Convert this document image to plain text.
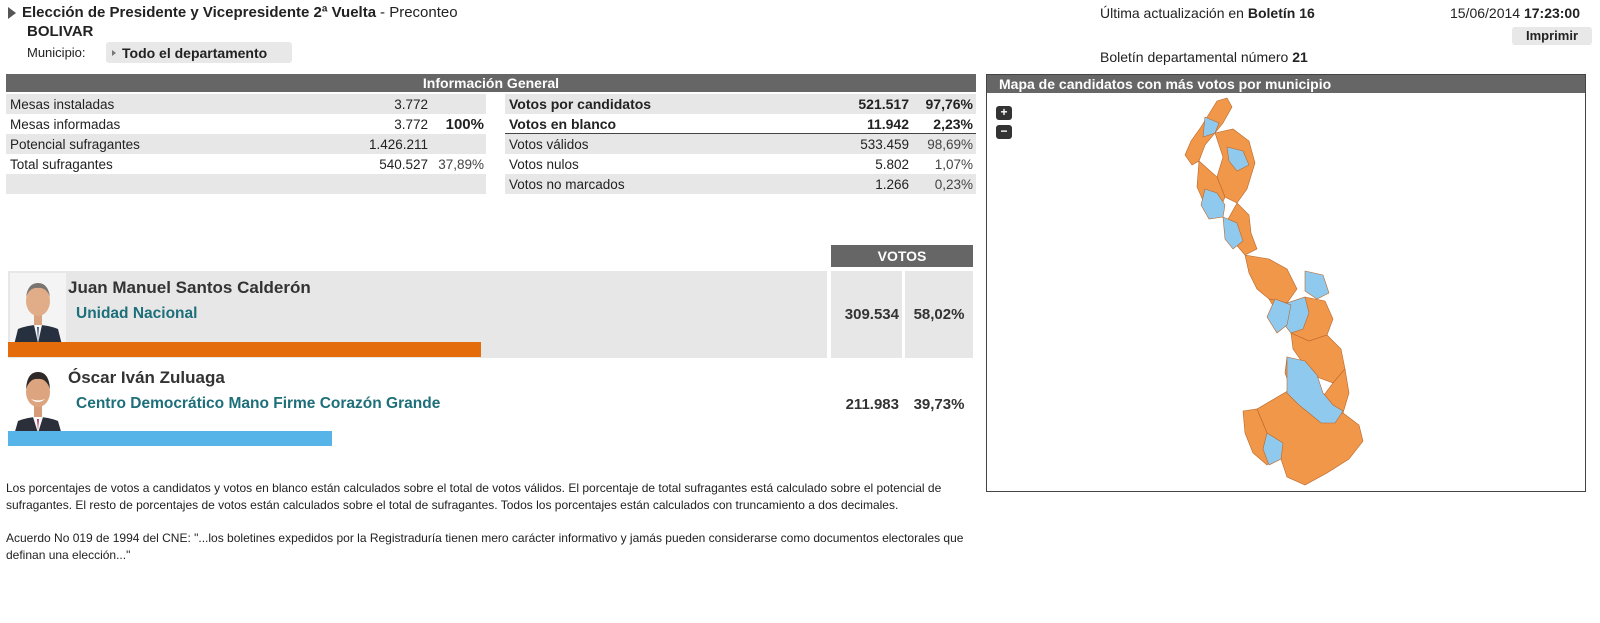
Elección de Presidente y Vicepresidente 2ª Vuelta - Preconteo
BOLIVAR
Municipio:	Todo el departamento
Última actualización en Boletín 16	15/06/2014 17:23:00
Imprimir
Boletín departamental número 21
Información General
Mesas instaladas	3.772
Mesas informadas	3.772	100%
Potencial sufragantes	1.426.211
Total sufragantes	540.527 37,89%
Votos por candidatos	521.517	97,76%
Votos en blanco	11.942	2,23%
Votos válidos	533.459	98,69%
Votos nulos	5.802	1,07%
Votos no marcados	1.266	0,23%
VOTOS
Juan Manuel Santos Calderón
Unidad Nacional	309.534 58,02%
Óscar Iván Zuluaga
Centro Democrático Mano Firme Corazón Grande	211.983 39,73%

Los porcentajes de votos a candidatos y votos en blanco están calculados sobre el total de votos válidos. El porcentaje de total sufragantes está calculado sobre el potencial de sufragantes. El resto de porcentajes de votos están calculados sobre el total de sufragantes. Todos los porcentajes están calculados con truncamiento a dos decimales.

Acuerdo No 019 de 1994 del CNE: "...los boletines expedidos por la Registraduría tienen mero carácter informativo y jamás pueden considerarse como documentos electorales que definan una elección..."

Mapa de candidatos con más votos por municipio
+
−
